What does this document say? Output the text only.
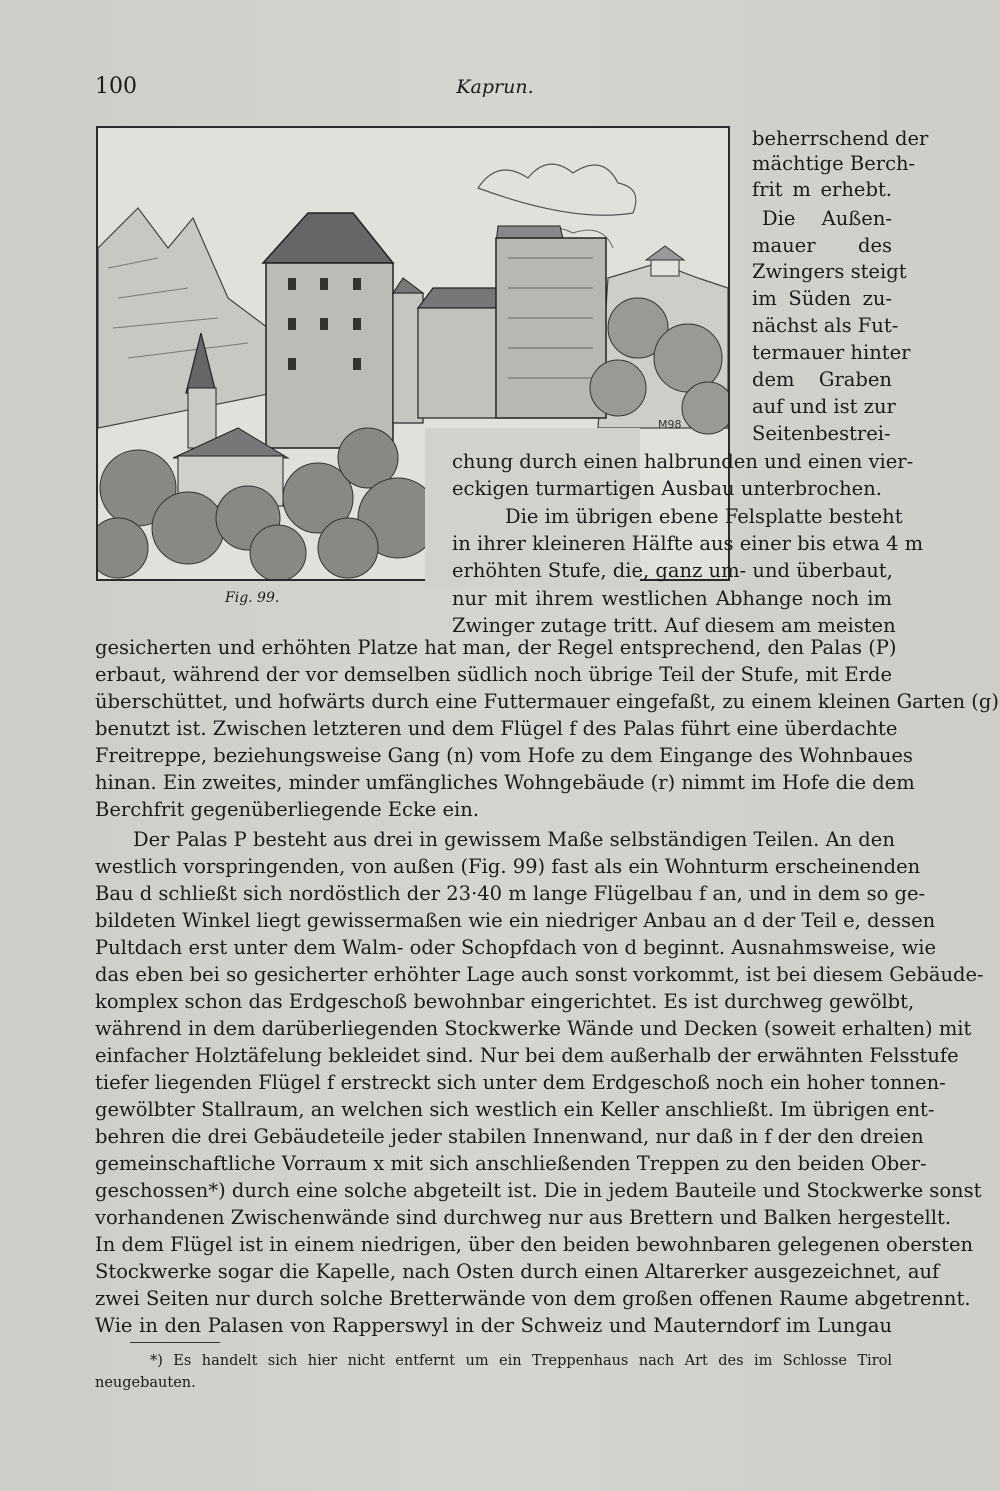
100	Kaprun.
M98
Fig. 99.
beherrschend der
mächtige Berch-
frit m erhebt.
Die Außen-
mauer des
Zwingers steigt
im Süden zu-
nächst als Fut-
termauer hinter
dem Graben
auf und ist zur
Seitenbestrei-
chung durch einen halbrunden und einen vier-
eckigen turmartigen Ausbau unterbrochen.
Die im übrigen ebene Felsplatte besteht
in ihrer kleineren Hälfte aus einer bis etwa 4 m
erhöhten Stufe, die, ganz um- und überbaut,
nur mit ihrem westlichen Abhange noch im
Zwinger zutage tritt. Auf diesem am meisten
gesicherten und erhöhten Platze hat man, der Regel entsprechend, den Palas (P)
erbaut, während der vor demselben südlich noch übrige Teil der Stufe, mit Erde
überschüttet, und hofwärts durch eine Futtermauer eingefaßt, zu einem kleinen Garten (g)
benutzt ist. Zwischen letzteren und dem Flügel f des Palas führt eine überdachte
Freitreppe, beziehungsweise Gang (n) vom Hofe zu dem Eingange des Wohnbaues
hinan. Ein zweites, minder umfängliches Wohngebäude (r) nimmt im Hofe die dem
Berchfrit gegenüberliegende Ecke ein.
Der Palas P besteht aus drei in gewissem Maße selbständigen Teilen. An den
westlich vorspringenden, von außen (Fig. 99) fast als ein Wohnturm erscheinenden
Bau d schließt sich nordöstlich der 23·40 m lange Flügelbau f an, und in dem so ge-
bildeten Winkel liegt gewissermaßen wie ein niedriger Anbau an d der Teil e, dessen
Pultdach erst unter dem Walm- oder Schopfdach von d beginnt. Ausnahmsweise, wie
das eben bei so gesicherter erhöhter Lage auch sonst vorkommt, ist bei diesem Gebäude-
komplex schon das Erdgeschoß bewohnbar eingerichtet. Es ist durchweg gewölbt,
während in dem darüberliegenden Stockwerke Wände und Decken (soweit erhalten) mit
einfacher Holztäfelung bekleidet sind. Nur bei dem außerhalb der erwähnten Felsstufe
tiefer liegenden Flügel f erstreckt sich unter dem Erdgeschoß noch ein hoher tonnen-
gewölbter Stallraum, an welchen sich westlich ein Keller anschließt. Im übrigen ent-
behren die drei Gebäudeteile jeder stabilen Innenwand, nur daß in f der den dreien
gemeinschaftliche Vorraum x mit sich anschließenden Treppen zu den beiden Ober-
geschossen*) durch eine solche abgeteilt ist. Die in jedem Bauteile und Stockwerke sonst
vorhandenen Zwischenwände sind durchweg nur aus Brettern und Balken hergestellt.
In dem Flügel ist in einem niedrigen, über den beiden bewohnbaren gelegenen obersten
Stockwerke sogar die Kapelle, nach Osten durch einen Altarerker ausgezeichnet, auf
zwei Seiten nur durch solche Bretterwände von dem großen offenen Raume abgetrennt.
Wie in den Palasen von Rapperswyl in der Schweiz und Mauterndorf im Lungau
*) Es handelt sich hier nicht entfernt um ein Treppenhaus nach Art des im Schlosse Tirol
neugebauten.
